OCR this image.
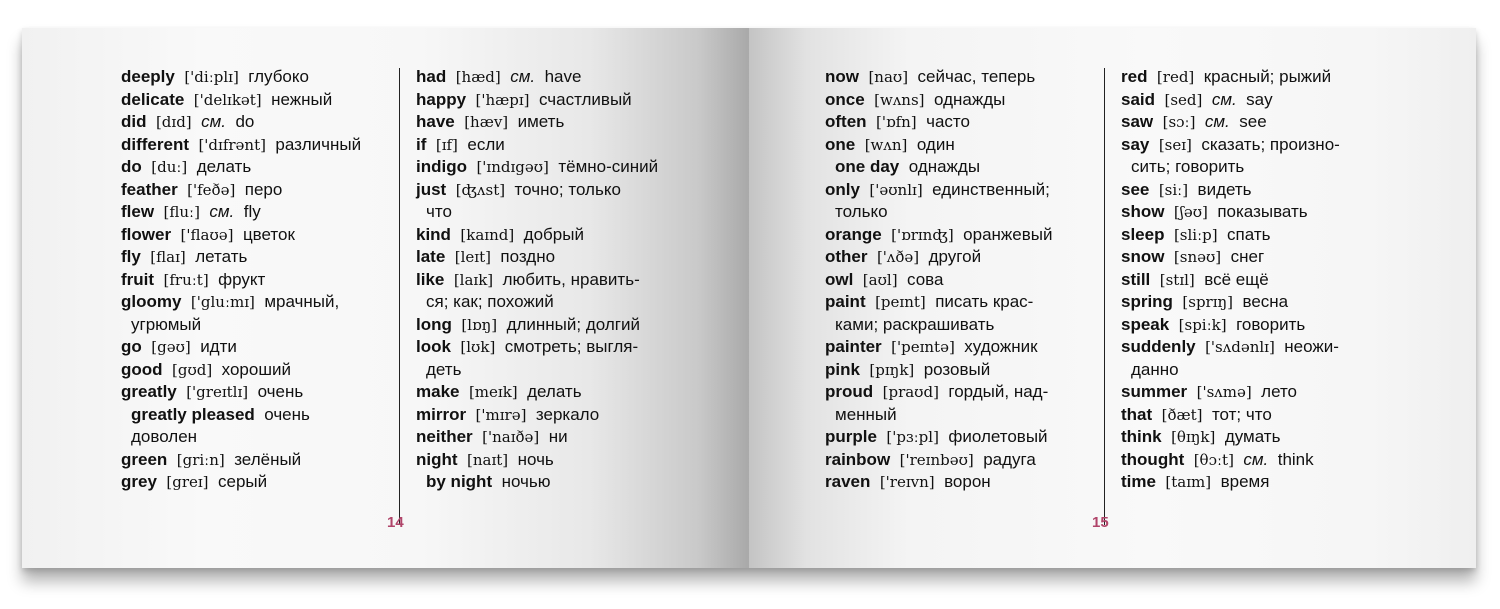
deeply ['diːplɪ] глубоко
delicate ['delɪkət] нежный
did [dɪd] см. do
different ['dɪfrənt] различный
do [duː] делать
feather ['feðə] перо
flew [fluː] см. fly
flower ['flaʊə] цветок
fly [flaɪ] летать
fruit [fruːt] фрукт
gloomy ['gluːmɪ] мрачный,
угрюмый
go [gəʊ] идти
good [gʊd] хороший
greatly ['greɪtlɪ] очень
greatly pleased очень
доволен
green [griːn] зелёный
grey [greɪ] серый
had [hæd] см. have
happy ['hæpɪ] счастливый
have [hæv] иметь
if [ɪf] если
indigo ['ɪndɪgəʊ] тёмно-синий
just [ʤʌst] точно; только
что
kind [kaɪnd] добрый
late [leɪt] поздно
like [laɪk] любить, нравить-
ся; как; похожий
long [lɒŋ] длинный; долгий
look [lʊk] смотреть; выгля-
деть
make [meɪk] делать
mirror ['mɪrə] зеркало
neither ['naɪðə] ни
night [naɪt] ночь
by night ночью
14
now [naʊ] сейчас, теперь
once [wʌns] однажды
often ['ɒfn] часто
one [wʌn] один
one day однажды
only ['əʊnlɪ] единственный;
только
orange ['ɒrɪnʤ] оранжевый
other ['ʌðə] другой
owl [aʊl] сова
paint [peɪnt] писать крас-
ками; раскрашивать
painter ['peɪntə] художник
pink [pɪŋk] розовый
proud [praʊd] гордый, над-
менный
purple ['pɜːpl] фиолетовый
rainbow ['reɪnbəʊ] радуга
raven ['reɪvn] ворон
red [red] красный; рыжий
said [sed] см. say
saw [sɔː] см. see
say [seɪ] сказать; произно-
сить; говорить
see [siː] видеть
show [ʃəʊ] показывать
sleep [sliːp] спать
snow [snəʊ] снег
still [stɪl] всё ещё
spring [sprɪŋ] весна
speak [spiːk] говорить
suddenly ['sʌdənlɪ] неожи-
данно
summer ['sʌmə] лето
that [ðæt] тот; что
think [θɪŋk] думать
thought [θɔːt] см. think
time [taɪm] время
15
